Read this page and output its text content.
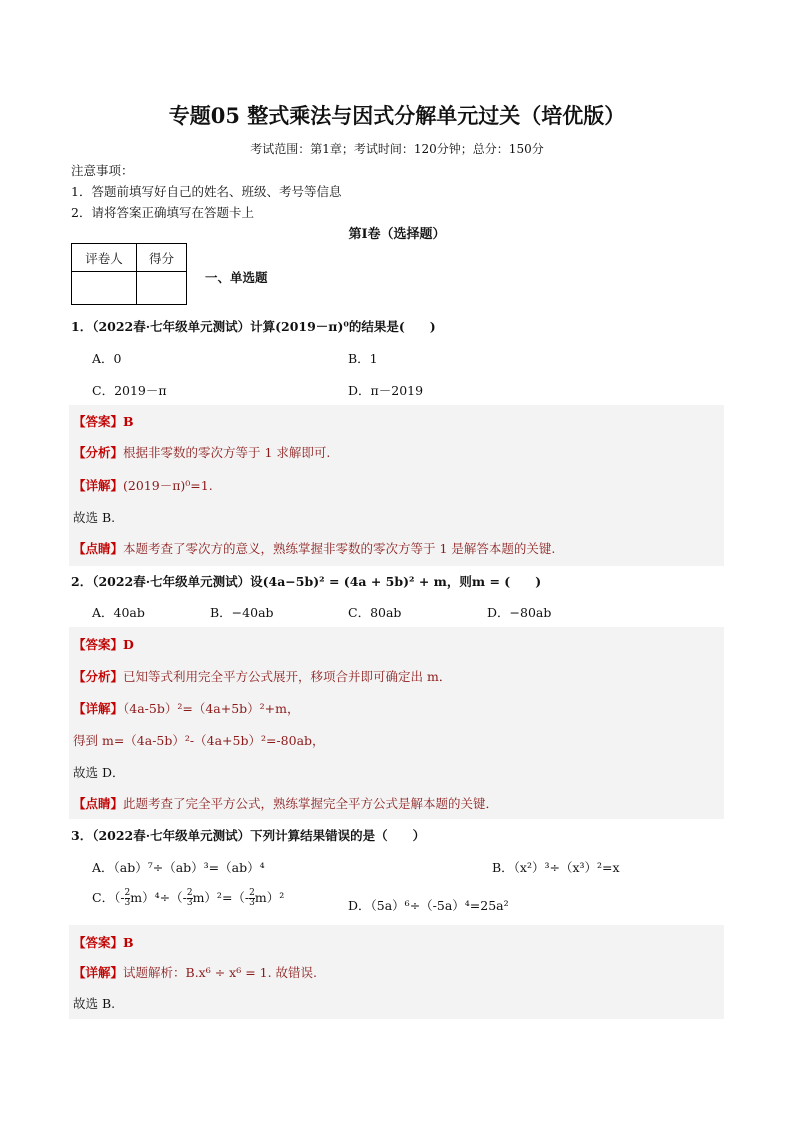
专题05 整式乘法与因式分解单元过关（培优版）
考试范围：第1章；考试时间：120分钟；总分：150分
注意事项：
1．答题前填写好自己的姓名、班级、考号等信息
2．请将答案正确填写在答题卡上
第I卷（选择题）
评卷人	得分

一、单选题
1．（2022春·七年级单元测试）计算(2019－π)⁰的结果是(　　)
A．0	B．1
C．2019－π	D．π－2019
【答案】B
【分析】根据非零数的零次方等于 1 求解即可.
【详解】(2019－π)⁰=1.
故选 B.
【点睛】本题考查了零次方的意义，熟练掌握非零数的零次方等于 1 是解答本题的关键.
2．（2022春·七年级单元测试）设(4a−5b)² = (4a + 5b)² + m，则m = (　　)
A．40ab	B．−40ab	C．80ab	D．−80ab
【答案】D
【分析】已知等式利用完全平方公式展开，移项合并即可确定出 m．
【详解】（4a-5b）²=（4a+5b）²+m，
得到 m=（4a-5b）²-（4a+5b）²=-80ab，
故选 D．
【点睛】此题考查了完全平方公式，熟练掌握完全平方公式是解本题的关键．
3．（2022春·七年级单元测试）下列计算结果错误的是（　　）
A．（ab）⁷÷（ab）³=（ab）⁴	B．（x²）³÷（x³）²=x
C．（- $\frac{2}{3} m)^4\div(- \frac{2}{3} m)^2=(- \frac{2}{3} m)^2$
D．（5a）⁶÷（-5a）⁴=25a²
【答案】B
【详解】试题解析：B.x⁶ ÷ x⁶ = 1. 故错误.
故选 B.
